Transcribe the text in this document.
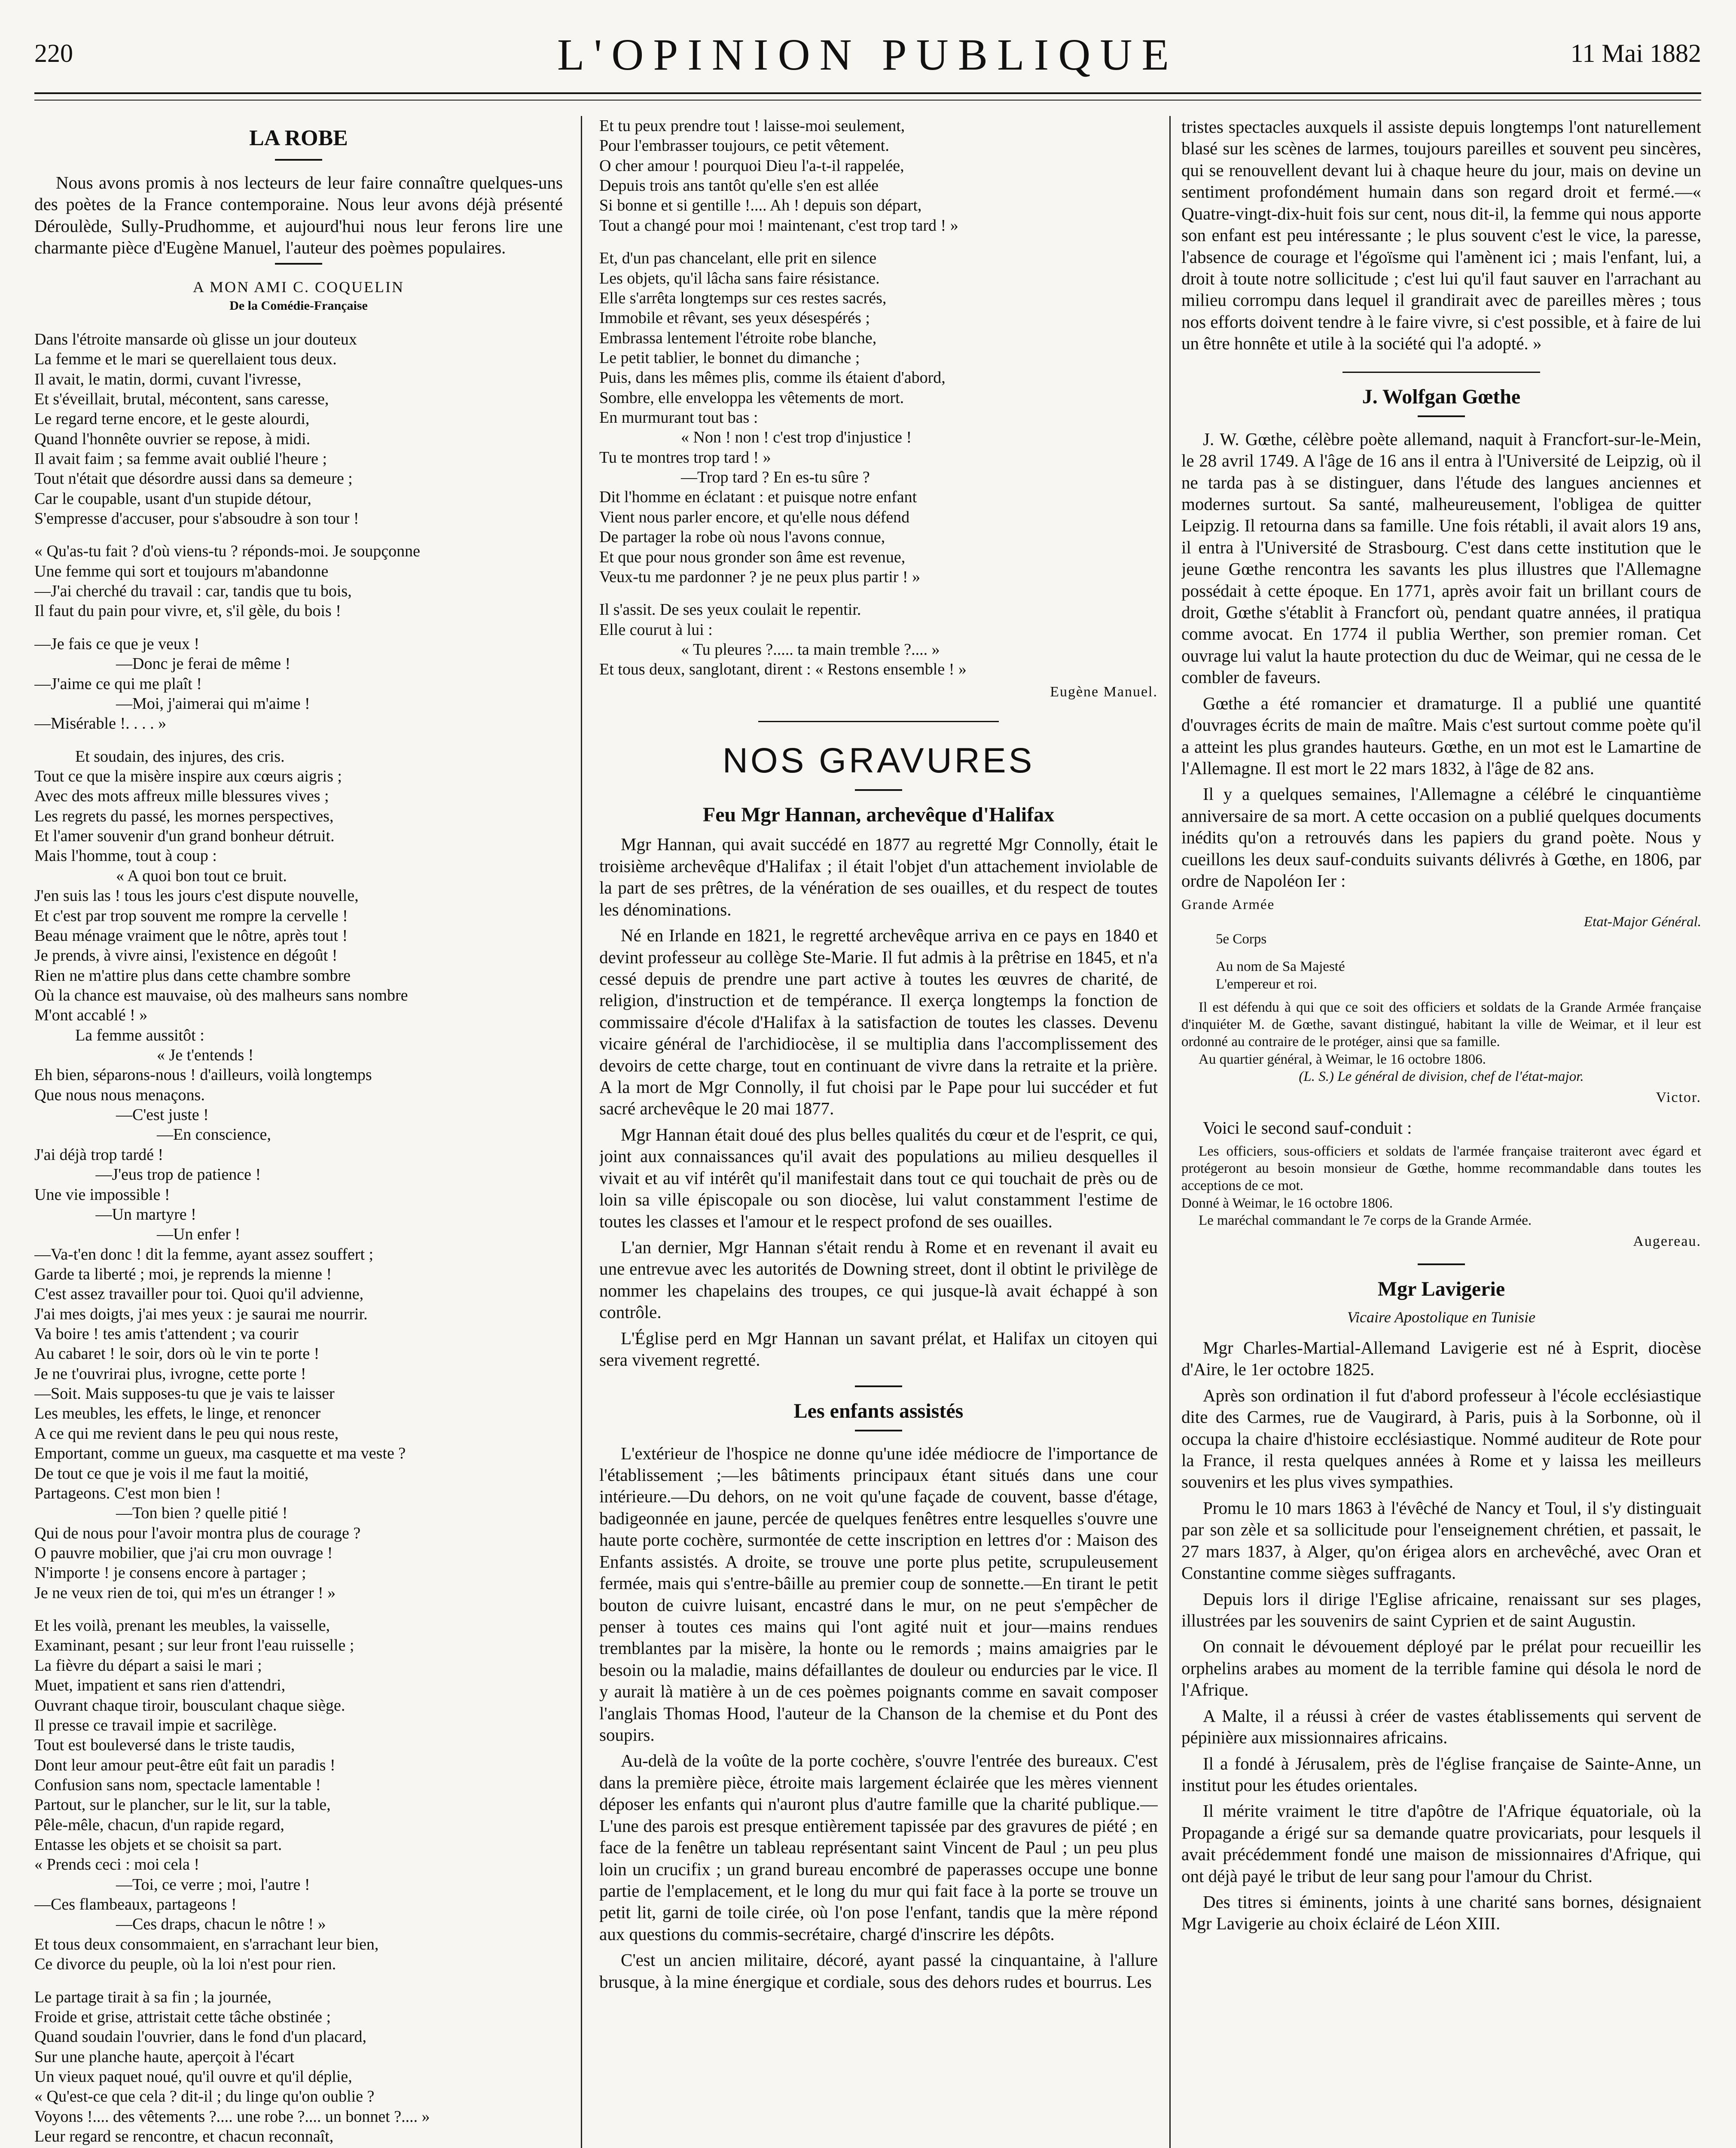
220	L'OPINION PUBLIQUE	11 Mai 1882
LA ROBE

Nous avons promis à nos lecteurs de leur faire connaître quelques-uns des poètes de la France contemporaine. Nous leur avons déjà présenté Déroulède, Sully-Prudhomme, et aujourd'hui nous leur ferons lire une charmante pièce d'Eugène Manuel, l'auteur des poèmes populaires.

A MON AMI C. COQUELIN
De la Comédie-Française
Dans l'étroite mansarde où glisse un jour douteux
La femme et le mari se querellaient tous deux.
Il avait, le matin, dormi, cuvant l'ivresse,
Et s'éveillait, brutal, mécontent, sans caresse,
Le regard terne encore, et le geste alourdi,
Quand l'honnête ouvrier se repose, à midi.
Il avait faim ; sa femme avait oublié l'heure ;
Tout n'était que désordre aussi dans sa demeure ;
Car le coupable, usant d'un stupide détour,
S'empresse d'accuser, pour s'absoudre à son tour !
« Qu'as-tu fait ? d'où viens-tu ? réponds-moi. Je soupçonne
Une femme qui sort et toujours m'abandonne
—J'ai cherché du travail : car, tandis que tu bois,
Il faut du pain pour vivre, et, s'il gèle, du bois !
—Je fais ce que je veux !
—Donc je ferai de même !
—J'aime ce qui me plaît !
—Moi, j'aimerai qui m'aime !
—Misérable !. . . . »
Et soudain, des injures, des cris.
Tout ce que la misère inspire aux cœurs aigris ;
Avec des mots affreux mille blessures vives ;
Les regrets du passé, les mornes perspectives,
Et l'amer souvenir d'un grand bonheur détruit.
Mais l'homme, tout à coup :
« A quoi bon tout ce bruit.
J'en suis las ! tous les jours c'est dispute nouvelle,
Et c'est par trop souvent me rompre la cervelle !
Beau ménage vraiment que le nôtre, après tout !
Je prends, à vivre ainsi, l'existence en dégoût !
Rien ne m'attire plus dans cette chambre sombre
Où la chance est mauvaise, où des malheurs sans nombre
M'ont accablé ! »
La femme aussitôt :
« Je t'entends !
Eh bien, séparons-nous ! d'ailleurs, voilà longtemps
Que nous nous menaçons.
—C'est juste !
—En conscience,
J'ai déjà trop tardé !
—J'eus trop de patience !
Une vie impossible !
—Un martyre !
—Un enfer !
—Va-t'en donc ! dit la femme, ayant assez souffert ;
Garde ta liberté ; moi, je reprends la mienne !
C'est assez travailler pour toi. Quoi qu'il advienne,
J'ai mes doigts, j'ai mes yeux : je saurai me nourrir.
Va boire ! tes amis t'attendent ; va courir
Au cabaret ! le soir, dors où le vin te porte !
Je ne t'ouvrirai plus, ivrogne, cette porte !
—Soit. Mais supposes-tu que je vais te laisser
Les meubles, les effets, le linge, et renoncer
A ce qui me revient dans le peu qui nous reste,
Emportant, comme un gueux, ma casquette et ma veste ?
De tout ce que je vois il me faut la moitié,
Partageons. C'est mon bien !
—Ton bien ? quelle pitié !
Qui de nous pour l'avoir montra plus de courage ?
O pauvre mobilier, que j'ai cru mon ouvrage !
N'importe ! je consens encore à partager ;
Je ne veux rien de toi, qui m'es un étranger ! »
Et les voilà, prenant les meubles, la vaisselle,
Examinant, pesant ; sur leur front l'eau ruisselle ;
La fièvre du départ a saisi le mari ;
Muet, impatient et sans rien d'attendri,
Ouvrant chaque tiroir, bousculant chaque siège.
Il presse ce travail impie et sacrilège.
Tout est bouleversé dans le triste taudis,
Dont leur amour peut-être eût fait un paradis !
Confusion sans nom, spectacle lamentable !
Partout, sur le plancher, sur le lit, sur la table,
Pêle-mêle, chacun, d'un rapide regard,
Entasse les objets et se choisit sa part.
« Prends ceci : moi cela !
—Toi, ce verre ; moi, l'autre !
—Ces flambeaux, partageons !
—Ces draps, chacun le nôtre ! »
Et tous deux consommaient, en s'arrachant leur bien,
Ce divorce du peuple, où la loi n'est pour rien.
Le partage tirait à sa fin ; la journée,
Froide et grise, attristait cette tâche obstinée ;
Quand soudain l'ouvrier, dans le fond d'un placard,
Sur une planche haute, aperçoit à l'écart
Un vieux paquet noué, qu'il ouvre et qu'il déplie,
« Qu'est-ce que cela ? dit-il ; du linge qu'on oublie ?
Voyons !.... des vêtements ?.... une robe ?.... un bonnet ?.... »
Leur regard se rencontre, et chacun reconnaît,

Et tu peux prendre tout ! laisse-moi seulement,
Pour l'embrasser toujours, ce petit vêtement.
O cher amour ! pourquoi Dieu l'a-t-il rappelée,
Depuis trois ans tantôt qu'elle s'en est allée
Si bonne et si gentille !.... Ah ! depuis son départ,
Tout a changé pour moi ! maintenant, c'est trop tard ! »
Et, d'un pas chancelant, elle prit en silence
Les objets, qu'il lâcha sans faire résistance.
Elle s'arrêta longtemps sur ces restes sacrés,
Immobile et rêvant, ses yeux désespérés ;
Embrassa lentement l'étroite robe blanche,
Le petit tablier, le bonnet du dimanche ;
Puis, dans les mêmes plis, comme ils étaient d'abord,
Sombre, elle enveloppa les vêtements de mort.
En murmurant tout bas :
« Non ! non ! c'est trop d'injustice !
Tu te montres trop tard ! »
—Trop tard ? En es-tu sûre ?
Dit l'homme en éclatant : et puisque notre enfant
Vient nous parler encore, et qu'elle nous défend
De partager la robe où nous l'avons connue,
Et que pour nous gronder son âme est revenue,
Veux-tu me pardonner ? je ne peux plus partir ! »
Il s'assit. De ses yeux coulait le repentir.
Elle courut à lui :
« Tu pleures ?..... ta main tremble ?.... »
Et tous deux, sanglotant, dirent : « Restons ensemble ! »
Eugène Manuel.
NOS GRAVURES
Feu Mgr Hannan, archevêque d'Halifax

Mgr Hannan, qui avait succédé en 1877 au regretté Mgr Connolly, était le troisième archevêque d'Halifax ; il était l'objet d'un attachement inviolable de la part de ses prêtres, de la vénération de ses ouailles, et du respect de toutes les dénominations.

Né en Irlande en 1821, le regretté archevêque arriva en ce pays en 1840 et devint professeur au collège Ste-Marie. Il fut admis à la prêtrise en 1845, et n'a cessé depuis de prendre une part active à toutes les œuvres de charité, de religion, d'instruction et de tempérance. Il exerça longtemps la fonction de commissaire d'école d'Halifax à la satisfaction de toutes les classes. Devenu vicaire général de l'archidiocèse, il se multiplia dans l'accomplissement des devoirs de cette charge, tout en continuant de vivre dans la retraite et la prière. A la mort de Mgr Connolly, il fut choisi par le Pape pour lui succéder et fut sacré archevêque le 20 mai 1877.

Mgr Hannan était doué des plus belles qualités du cœur et de l'esprit, ce qui, joint aux connaissances qu'il avait des populations au milieu desquelles il vivait et au vif intérêt qu'il manifestait dans tout ce qui touchait de près ou de loin sa ville épiscopale ou son diocèse, lui valut constamment l'estime de toutes les classes et l'amour et le respect profond de ses ouailles.

L'an dernier, Mgr Hannan s'était rendu à Rome et en revenant il avait eu une entrevue avec les autorités de Downing street, dont il obtint le privilège de nommer les chapelains des troupes, ce qui jusque-là avait échappé à son contrôle.

L'Église perd en Mgr Hannan un savant prélat, et Halifax un citoyen qui sera vivement regretté.

Les enfants assistés

L'extérieur de l'hospice ne donne qu'une idée médiocre de l'importance de l'établissement ;—les bâtiments principaux étant situés dans une cour intérieure.—Du dehors, on ne voit qu'une façade de couvent, basse d'étage, badigeonnée en jaune, percée de quelques fenêtres entre lesquelles s'ouvre une haute porte cochère, surmontée de cette inscription en lettres d'or : Maison des Enfants assistés. A droite, se trouve une porte plus petite, scrupuleusement fermée, mais qui s'entre-bâille au premier coup de sonnette.—En tirant le petit bouton de cuivre luisant, encastré dans le mur, on ne peut s'empêcher de penser à toutes ces mains qui l'ont agité nuit et jour—mains rendues tremblantes par la misère, la honte ou le remords ; mains amaigries par le besoin ou la maladie, mains défaillantes de douleur ou endurcies par le vice. Il y aurait là matière à un de ces poèmes poignants comme en savait composer l'anglais Thomas Hood, l'auteur de la Chanson de la chemise et du Pont des soupirs.

Au-delà de la voûte de la porte cochère, s'ouvre l'entrée des bureaux. C'est dans la première pièce, étroite mais largement éclairée que les mères viennent déposer les enfants qui n'auront plus d'autre famille que la charité publique.—L'une des parois est presque entièrement tapissée par des gravures de piété ; en face de la fenêtre un tableau représentant saint Vincent de Paul ; un peu plus loin un crucifix ; un grand bureau encombré de paperasses occupe une bonne partie de l'emplacement, et le long du mur qui fait face à la porte se trouve un petit lit, garni de toile cirée, où l'on pose l'enfant, tandis que la mère répond aux questions du commis-secrétaire, chargé d'inscrire les dépôts.

C'est un ancien militaire, décoré, ayant passé la cinquantaine, à l'allure brusque, à la mine énergique et cordiale, sous des dehors rudes et bourrus. Les

tristes spectacles auxquels il assiste depuis longtemps l'ont naturellement blasé sur les scènes de larmes, toujours pareilles et souvent peu sincères, qui se renouvellent devant lui à chaque heure du jour, mais on devine un sentiment profondément humain dans son regard droit et fermé.—« Quatre-vingt-dix-huit fois sur cent, nous dit-il, la femme qui nous apporte son enfant est peu intéressante ; le plus souvent c'est le vice, la paresse, l'absence de courage et l'égoïsme qui l'amènent ici ; mais l'enfant, lui, a droit à toute notre sollicitude ; c'est lui qu'il faut sauver en l'arrachant au milieu corrompu dans lequel il grandirait avec de pareilles mères ; tous nos efforts doivent tendre à le faire vivre, si c'est possible, et à faire de lui un être honnête et utile à la société qui l'a adopté. »

J. Wolfgan Gœthe

J. W. Gœthe, célèbre poète allemand, naquit à Francfort-sur-le-Mein, le 28 avril 1749. A l'âge de 16 ans il entra à l'Université de Leipzig, où il ne tarda pas à se distinguer, dans l'étude des langues anciennes et modernes surtout. Sa santé, malheureusement, l'obligea de quitter Leipzig. Il retourna dans sa famille. Une fois rétabli, il avait alors 19 ans, il entra à l'Université de Strasbourg. C'est dans cette institution que le jeune Gœthe rencontra les savants les plus illustres que l'Allemagne possédait à cette époque. En 1771, après avoir fait un brillant cours de droit, Gœthe s'établit à Francfort où, pendant quatre années, il pratiqua comme avocat. En 1774 il publia Werther, son premier roman. Cet ouvrage lui valut la haute protection du duc de Weimar, qui ne cessa de le combler de faveurs.

Gœthe a été romancier et dramaturge. Il a publié une quantité d'ouvrages écrits de main de maître. Mais c'est surtout comme poète qu'il a atteint les plus grandes hauteurs. Gœthe, en un mot est le Lamartine de l'Allemagne. Il est mort le 22 mars 1832, à l'âge de 82 ans.

Il y a quelques semaines, l'Allemagne a célébré le cinquantième anniversaire de sa mort. A cette occasion on a publié quelques documents inédits qu'on a retrouvés dans les papiers du grand poète. Nous y cueillons les deux sauf-conduits suivants délivrés à Gœthe, en 1806, par ordre de Napoléon Ier :

Grande Armée
Etat-Major Général.
5e Corps
Au nom de Sa Majesté
L'empereur et roi.
Il est défendu à qui que ce soit des officiers et soldats de la Grande Armée française d'inquiéter M. de Gœthe, savant distingué, habitant la ville de Weimar, et il leur est ordonné au contraire de le protéger, ainsi que sa famille.
Au quartier général, à Weimar, le 16 octobre 1806.
(L. S.) Le général de division, chef de l'état-major.
Victor.

Voici le second sauf-conduit :

Les officiers, sous-officiers et soldats de l'armée française traiteront avec égard et protégeront au besoin monsieur de Gœthe, homme recommandable dans toutes les acceptions de ce mot.
Donné à Weimar, le 16 octobre 1806.
Le maréchal commandant le 7e corps de la Grande Armée.
Augereau.
Mgr Lavigerie
Vicaire Apostolique en Tunisie

Mgr Charles-Martial-Allemand Lavigerie est né à Esprit, diocèse d'Aire, le 1er octobre 1825.

Après son ordination il fut d'abord professeur à l'école ecclésiastique dite des Carmes, rue de Vaugirard, à Paris, puis à la Sorbonne, où il occupa la chaire d'histoire ecclésiastique. Nommé auditeur de Rote pour la France, il resta quelques années à Rome et y laissa les meilleurs souvenirs et les plus vives sympathies.

Promu le 10 mars 1863 à l'évêché de Nancy et Toul, il s'y distinguait par son zèle et sa sollicitude pour l'enseignement chrétien, et passait, le 27 mars 1837, à Alger, qu'on érigea alors en archevêché, avec Oran et Constantine comme sièges suffragants.

Depuis lors il dirige l'Eglise africaine, renaissant sur ses plages, illustrées par les souvenirs de saint Cyprien et de saint Augustin.

On connait le dévouement déployé par le prélat pour recueillir les orphelins arabes au moment de la terrible famine qui désola le nord de l'Afrique.

A Malte, il a réussi à créer de vastes établissements qui servent de pépinière aux missionnaires africains.

Il a fondé à Jérusalem, près de l'église française de Sainte-Anne, un institut pour les études orientales.

Il mérite vraiment le titre d'apôtre de l'Afrique équatoriale, où la Propagande a érigé sur sa demande quatre provicariats, pour lesquels il avait précédemment fondé une maison de missionnaires d'Afrique, qui ont déjà payé le tribut de leur sang pour l'amour du Christ.

Des titres si éminents, joints à une charité sans bornes, désignaient Mgr Lavigerie au choix éclairé de Léon XIII.
